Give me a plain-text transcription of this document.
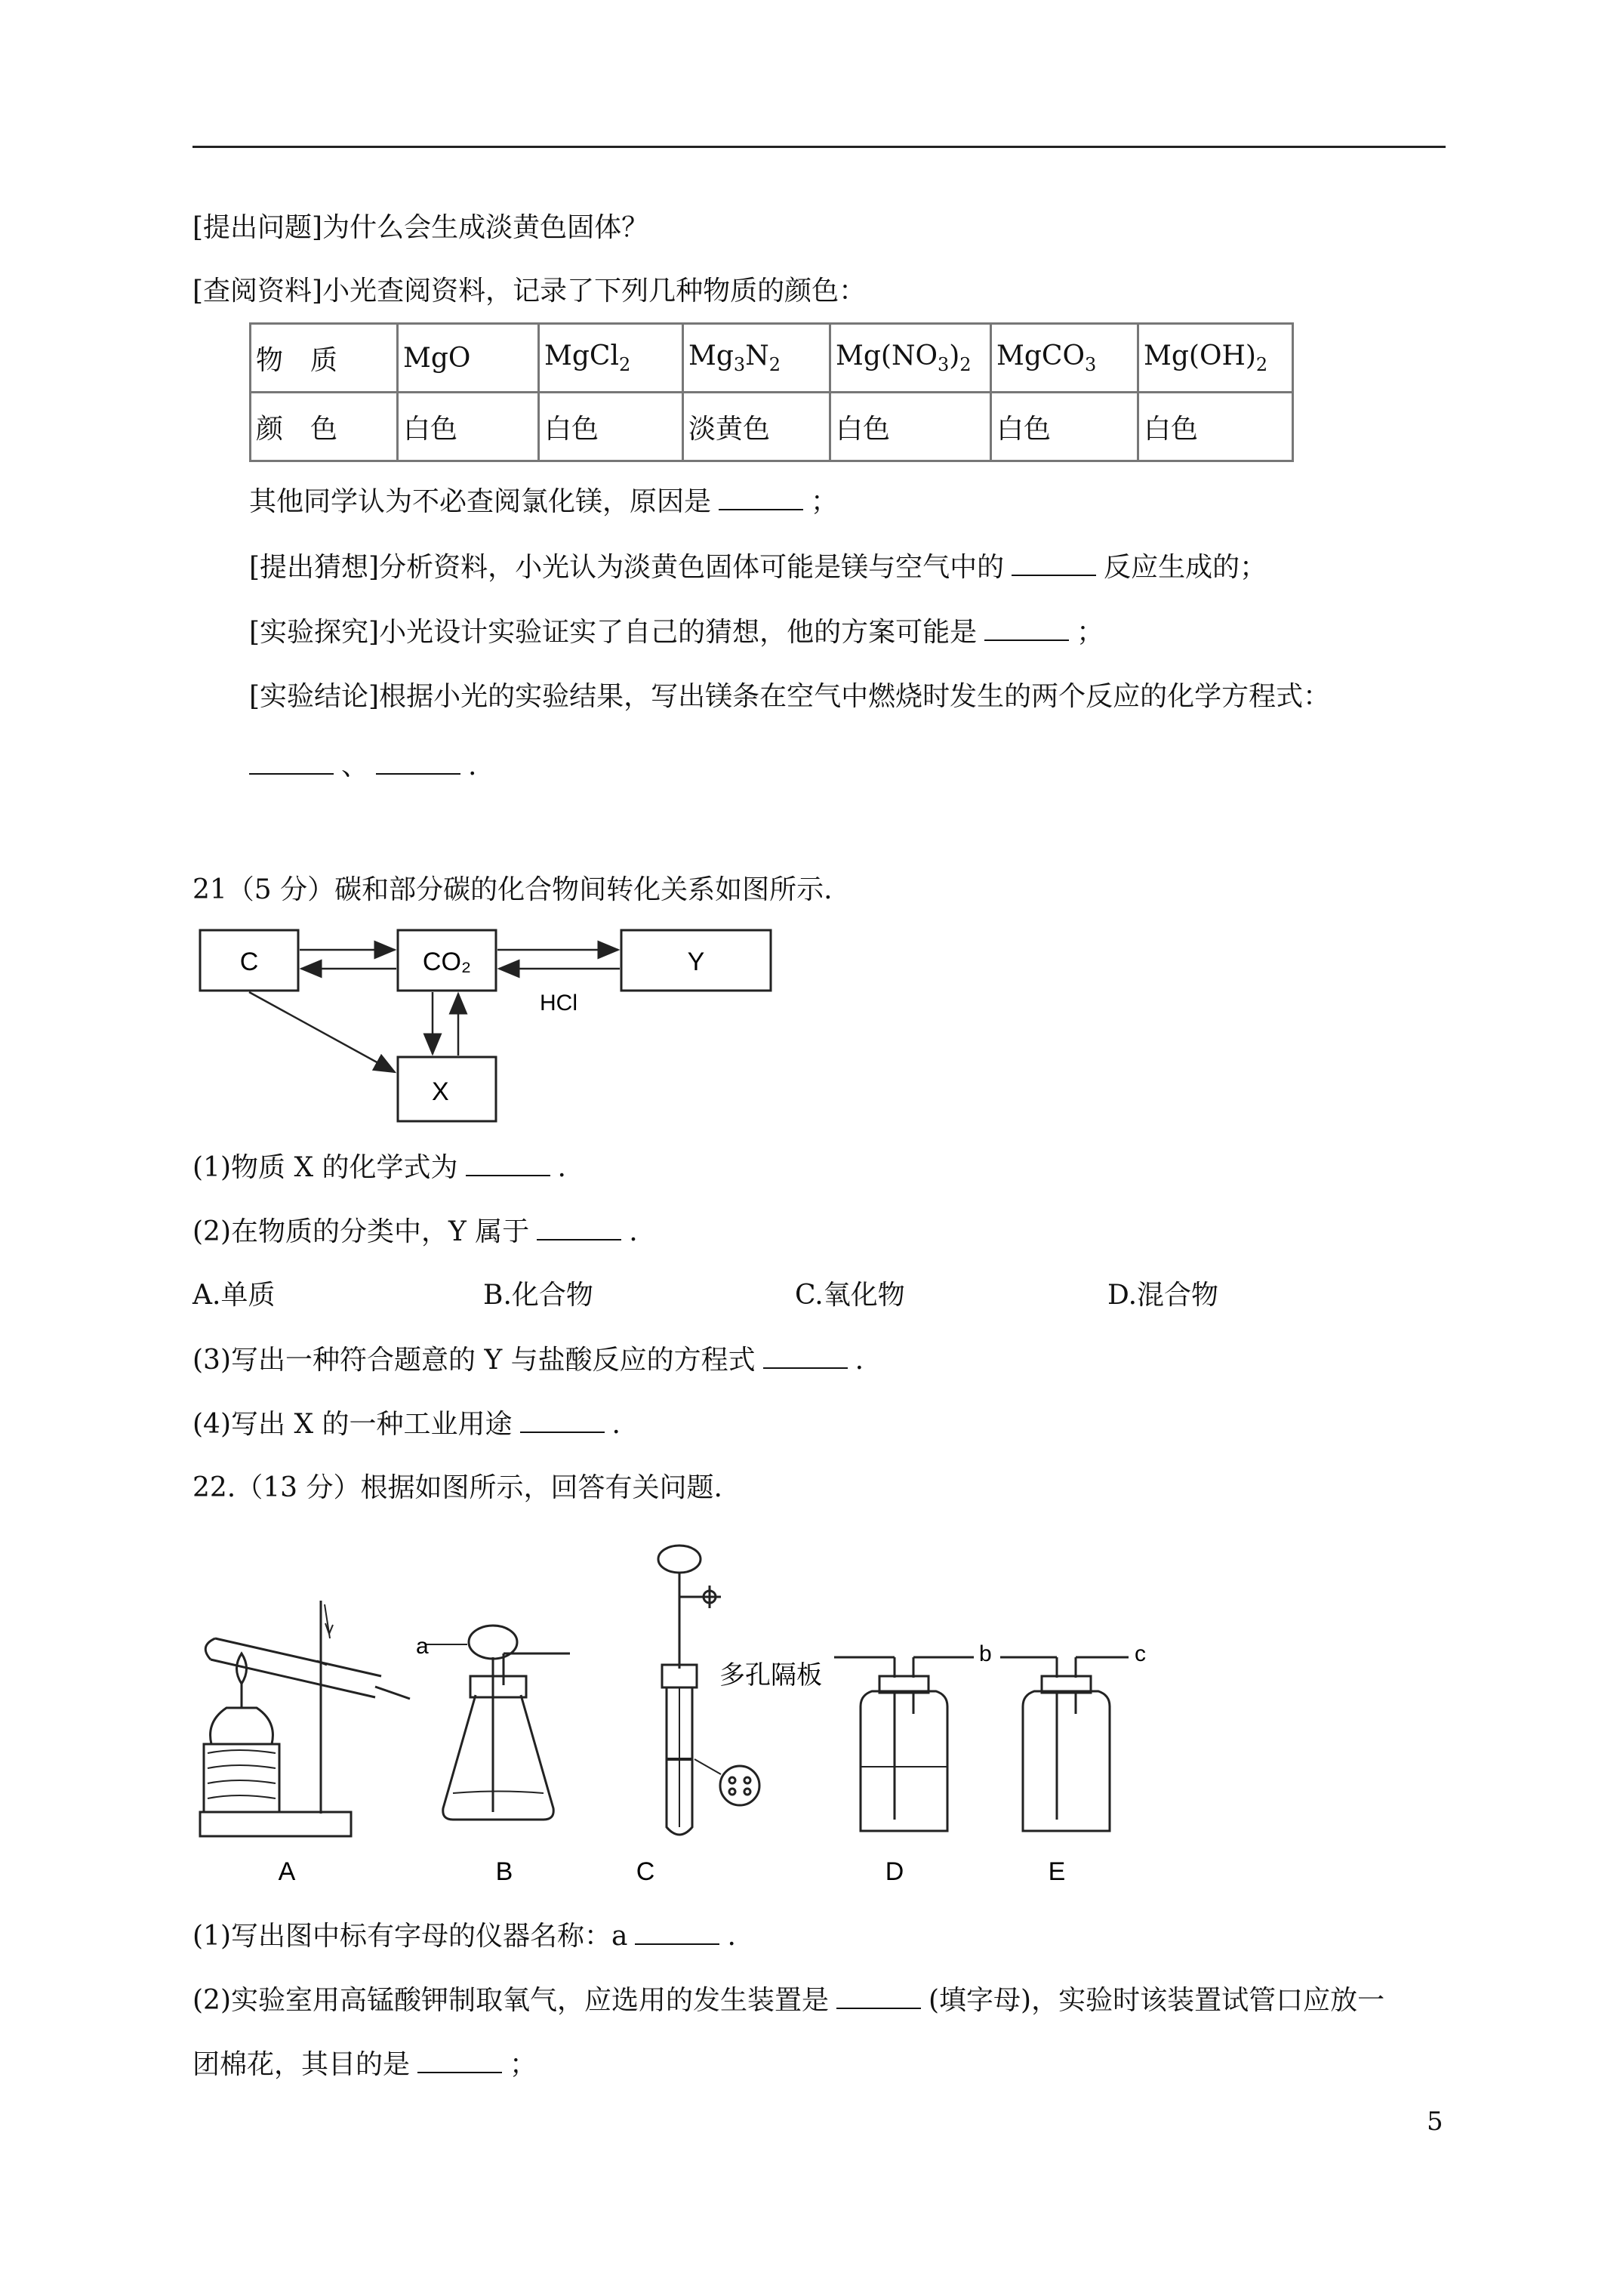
[提出问题]为什么会生成淡黄色固体？
[查阅资料]小光查阅资料，记录了下列几种物质的颜色：
物　质	MgO	MgCl$_2$	$Mg_3N_2$	$Mg(NO_3)_2$	MgCO$_3$	$Mg(OH)_2$
颜　色	白色	白色	淡黄色	白色	白色	白色
其他同学认为不必查阅氯化镁，原因是	；
[提出猜想]分析资料，小光认为淡黄色固体可能是镁与空气中的	反应生成的；
[实验探究]小光设计实验证实了自己的猜想，他的方案可能是	；
[实验结论]根据小光的实验结果，写出镁条在空气中燃烧时发生的两个反应的化学方程式：
、	.
21（5 分）碳和部分碳的化合物间转化关系如图所示.
C	CO₂	Y
X
HCl
(1)物质 X 的化学式为	.
(2)在物质的分类中，Y 属于	.
A.单质	B.化合物	C.氧化物	D.混合物
(3)写出一种符合题意的 Y 与盐酸反应的方程式	.
(4)写出 X 的一种工业用途	.
22.（13 分）根据如图所示，回答有关问题.
a	b	c
多孔隔板
A	B	C	D	E
(1)写出图中标有字母的仪器名称：a	.
(2)实验室用高锰酸钾制取氧气，应选用的发生装置是	(填字母)，实验时该装置试管口应放一
团棉花，其目的是	；
5
